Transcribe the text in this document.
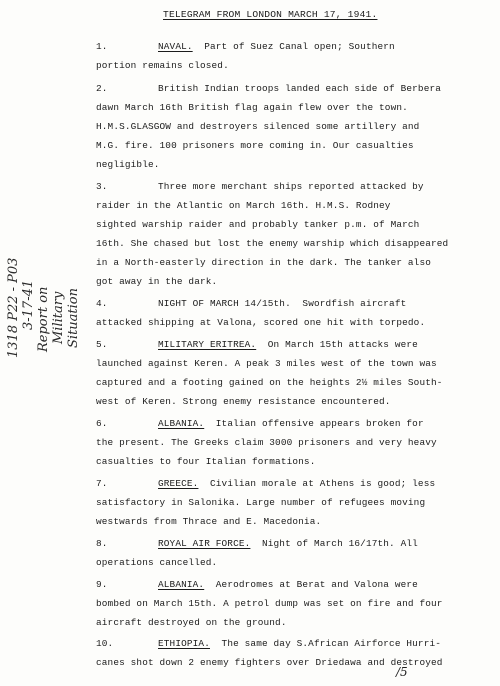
TELEGRAM FROM LONDON MARCH 17, 1941.
1.	NAVAL. Part of Suez Canal open; Southern
portion remains closed.
2.	British Indian troops landed each side of Berbera
dawn March 16th British flag again flew over the town.
H.M.S.GLASGOW and destroyers silenced some artillery and
M.G. fire. 100 prisoners more coming in. Our casualties
negligible.
3.	Three more merchant ships reported attacked by
raider in the Atlantic on March 16th. H.M.S. Rodney
sighted warship raider and probably tanker p.m. of March
16th. She chased but lost the enemy warship which disappeared
in a North-easterly direction in the dark. The tanker also
got away in the dark.
4.	NIGHT OF MARCH 14/15th. Swordfish aircraft
attacked shipping at Valona, scored one hit with torpedo.
5.	MILITARY ERITREA. On March 15th attacks were
launched against Keren. A peak 3 miles west of the town was
captured and a footing gained on the heights 2½ miles South-
west of Keren. Strong enemy resistance encountered.
6.	ALBANIA. Italian offensive appears broken for
the present. The Greeks claim 3000 prisoners and very heavy
casualties to four Italian formations.
7.	GREECE. Civilian morale at Athens is good; less
satisfactory in Salonika. Large number of refugees moving
westwards from Thrace and E. Macedonia.
8.	ROYAL AIR FORCE. Night of March 16/17th. All
operations cancelled.
9.	ALBANIA. Aerodromes at Berat and Valona were
bombed on March 15th. A petrol dump was set on fire and four
aircraft destroyed on the ground.
10.	ETHIOPIA. The same day S.African Airforce Hurri-
canes shot down 2 enemy fighters over Driedawa and destroyed
1318 P22 - P03 3-17-41 Report on Military Situation
/5
